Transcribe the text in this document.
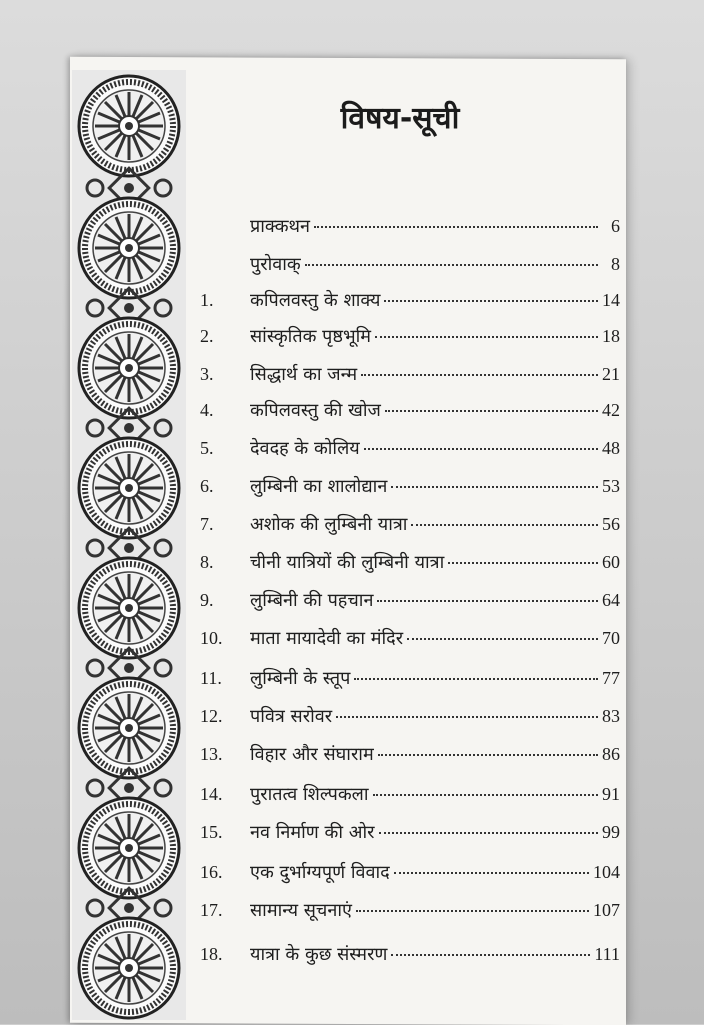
विषय-सूची
प्राक्कथन	6
पुरोवाक्	8
1.	कपिलवस्तु के शाक्य	14
2.	सांस्कृतिक पृष्ठभूमि	18
3.	सिद्धार्थ का जन्म	21
4.	कपिलवस्तु की खोज	42
5.	देवदह के कोलिय	48
6.	लुम्बिनी का शालोद्यान	53
7.	अशोक की लुम्बिनी यात्रा	56
8.	चीनी यात्रियों की लुम्बिनी यात्रा	60
9.	लुम्बिनी की पहचान	64
10.	माता मायादेवी का मंदिर	70
11.	लुम्बिनी के स्तूप	77
12.	पवित्र सरोवर	83
13.	विहार और संघाराम	86
14.	पुरातत्व शिल्पकला	91
15.	नव निर्माण की ओर	99
16.	एक दुर्भाग्यपूर्ण विवाद	104
17.	सामान्य सूचनाएं	107
18.	यात्रा के कुछ संस्मरण	111
